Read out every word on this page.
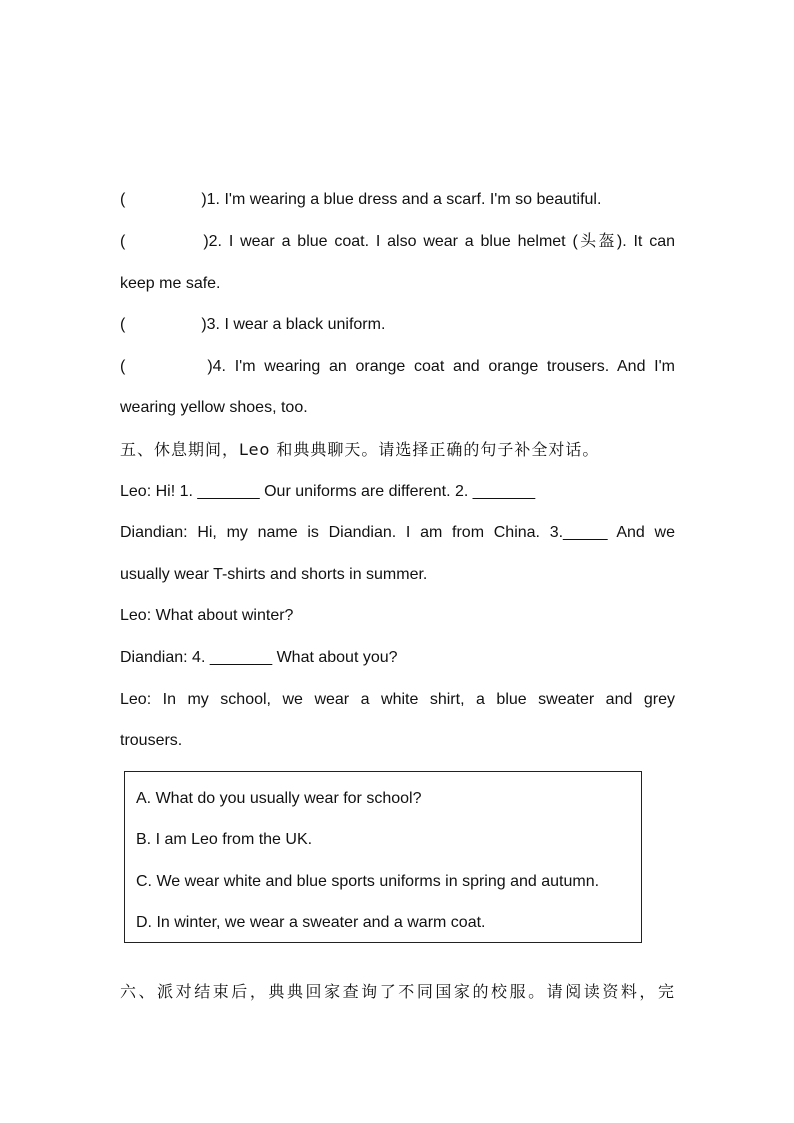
(	)1. I'm wearing a blue dress and a scarf. I'm so beautiful.
(	)2. I wear a blue coat. I also wear a blue helmet (头盔). It can
keep me safe.
(	)3. I wear a black uniform.
(	)4. I'm wearing an orange coat and orange trousers. And I'm
wearing yellow shoes, too.
五、休息期间，Leo 和典典聊天。请选择正确的句子补全对话。
Leo: Hi! 1. _______ Our uniforms are different. 2. _______
Diandian: Hi, my name is Diandian. I am from China. 3._____ And we
usually wear T-shirts and shorts in summer.
Leo: What about winter?
Diandian: 4. _______ What about you?
Leo: In my school, we wear a white shirt, a blue sweater and grey
trousers.
A. What do you usually wear for school?
B. I am Leo from the UK.
C. We wear white and blue sports uniforms in spring and autumn.
D. In winter, we wear a sweater and a warm coat.
六、派对结束后，典典回家查询了不同国家的校服。请阅读资料，完
